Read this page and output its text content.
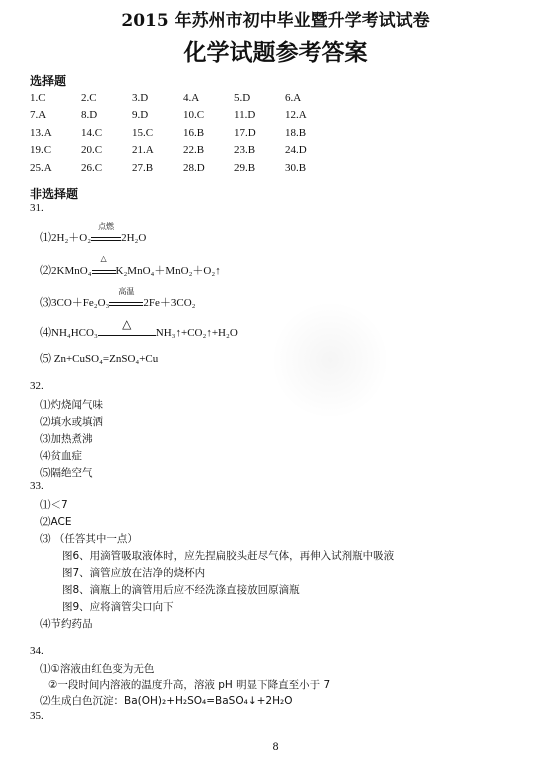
2015 年苏州市初中毕业暨升学考试试卷
化学试题参考答案
选择题
1.C	2.C	3.D	4.A	5.D	6.A
7.A	8.D	9.D	10.C	11.D	12.A
13.A	14.C	15.C	16.B	17.D	18.B
19.C	20.C	21.A	22.B	23.B	24.D
25.A	26.C	27.B	28.D	29.B	30.B
非选择题
31.
⑴2H₂＋O₂
点燃
2H₂O
⑵2KMnO₄
△
K₂MnO₄＋MnO₂＋O₂↑
⑶3CO＋Fe₂O₃
高温
2Fe＋3CO₂
⑷NH₄HCO₃
△
NH₃↑+CO₂↑+H₂O
⑸ Zn+CuSO₄=ZnSO₄+Cu
32.
⑴灼烧闻气味
⑵填水或填洒
⑶加热煮沸
⑷贫血症
⑸隔绝空气
33.
⑴＜7
⑵ACE
⑶ （任答其中一点）
图6、用滴管吸取液体时，应先捏扁胶头赶尽气体，再伸入试剂瓶中吸液
图7、滴管应放在洁净的烧杯内
图8、滴瓶上的滴管用后应不经洗涤直接放回原滴瓶
图9、应将滴管尖口向下
⑷节约药品
34.
⑴①溶液由红色变为无色
②一段时间内溶液的温度升高，溶液 pH 明显下降直至小于 7
⑵生成白色沉淀：Ba(OH)₂+H₂SO₄=BaSO₄↓+2H₂O
35.
8
